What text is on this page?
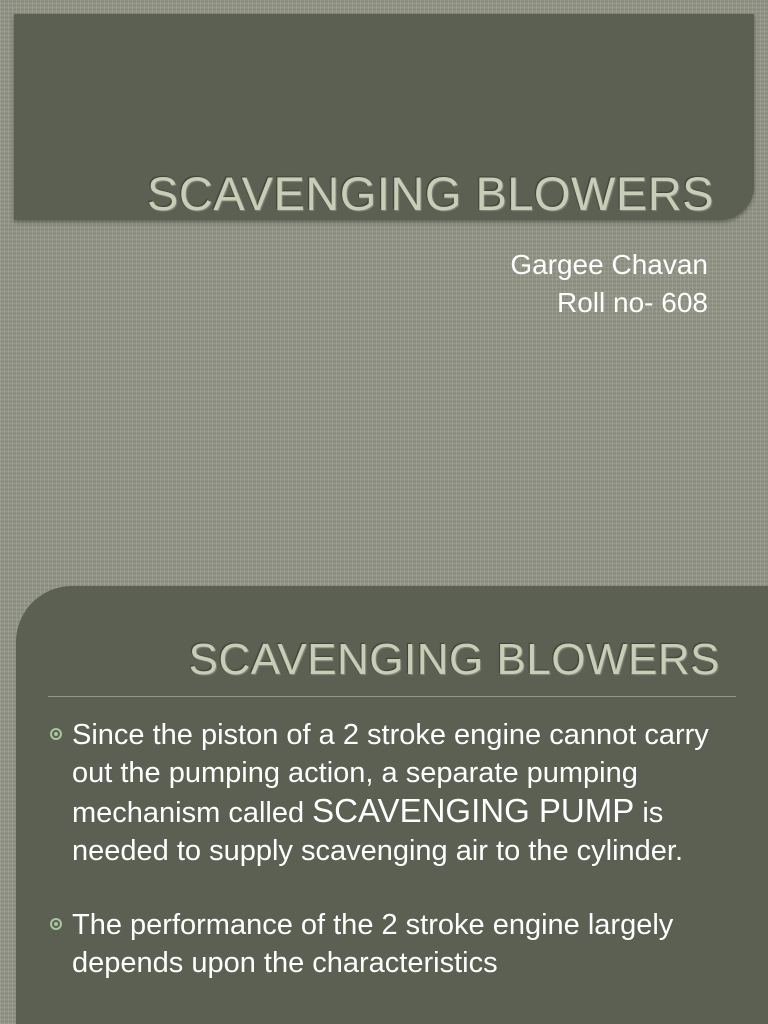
SCAVENGING BLOWERS
Gargee Chavan
Roll no- 608
SCAVENGING BLOWERS
Since the piston of a 2 stroke engine cannot carry out the pumping action, a separate pumping mechanism called SCAVENGING PUMP is needed to supply scavenging air to the cylinder.
The performance of the 2 stroke engine largely depends upon the characteristics
